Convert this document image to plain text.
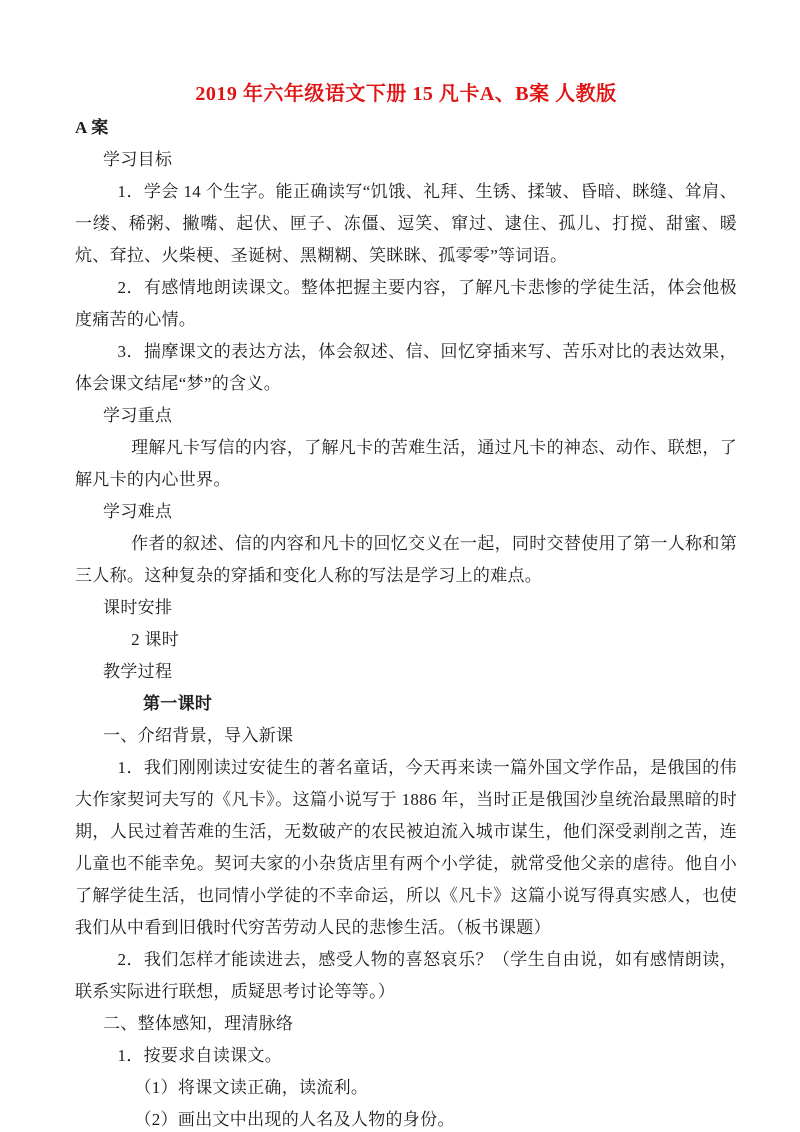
2019 年六年级语文下册 15 凡卡A、B案 人教版

A 案

学习目标

1．学会 14 个生字。能正确读写“饥饿、礼拜、生锈、揉皱、昏暗、眯缝、耸肩、一缕、稀粥、撇嘴、起伏、匣子、冻僵、逗笑、窜过、逮住、孤儿、打搅、甜蜜、暖炕、耷拉、火柴梗、圣诞树、黑糊糊、笑眯眯、孤零零”等词语。

2．有感情地朗读课文。整体把握主要内容，了解凡卡悲惨的学徒生活，体会他极度痛苦的心情。

3．揣摩课文的表达方法，体会叙述、信、回忆穿插来写、苦乐对比的表达效果，体会课文结尾“梦”的含义。

学习重点

理解凡卡写信的内容，了解凡卡的苦难生活，通过凡卡的神态、动作、联想，了解凡卡的内心世界。

学习难点

作者的叙述、信的内容和凡卡的回忆交义在一起，同时交替使用了第一人称和第三人称。这种复杂的穿插和变化人称的写法是学习上的难点。

课时安排

2 课时

教学过程

第一课时

一、介绍背景，导入新课

1．我们刚刚读过安徒生的著名童话，今天再来读一篇外国文学作品，是俄国的伟大作家契诃夫写的《凡卡》。这篇小说写于 1886 年，当时正是俄国沙皇统治最黑暗的时期，人民过着苦难的生活，无数破产的农民被迫流入城市谋生，他们深受剥削之苦，连儿童也不能幸免。契诃夫家的小杂货店里有两个小学徒，就常受他父亲的虐待。他自小了解学徒生活，也同情小学徒的不幸命运，所以《凡卡》这篇小说写得真实感人，也使我们从中看到旧俄时代穷苦劳动人民的悲惨生活。（板书课题）

2．我们怎样才能读进去，感受人物的喜怒哀乐？（学生自由说，如有感情朗读，联系实际进行联想，质疑思考讨论等等。）

二、整体感知，理清脉络

1．按要求自读课文。

（1）将课文读正确，读流利。

（2）画出文中出现的人名及人物的身份。
